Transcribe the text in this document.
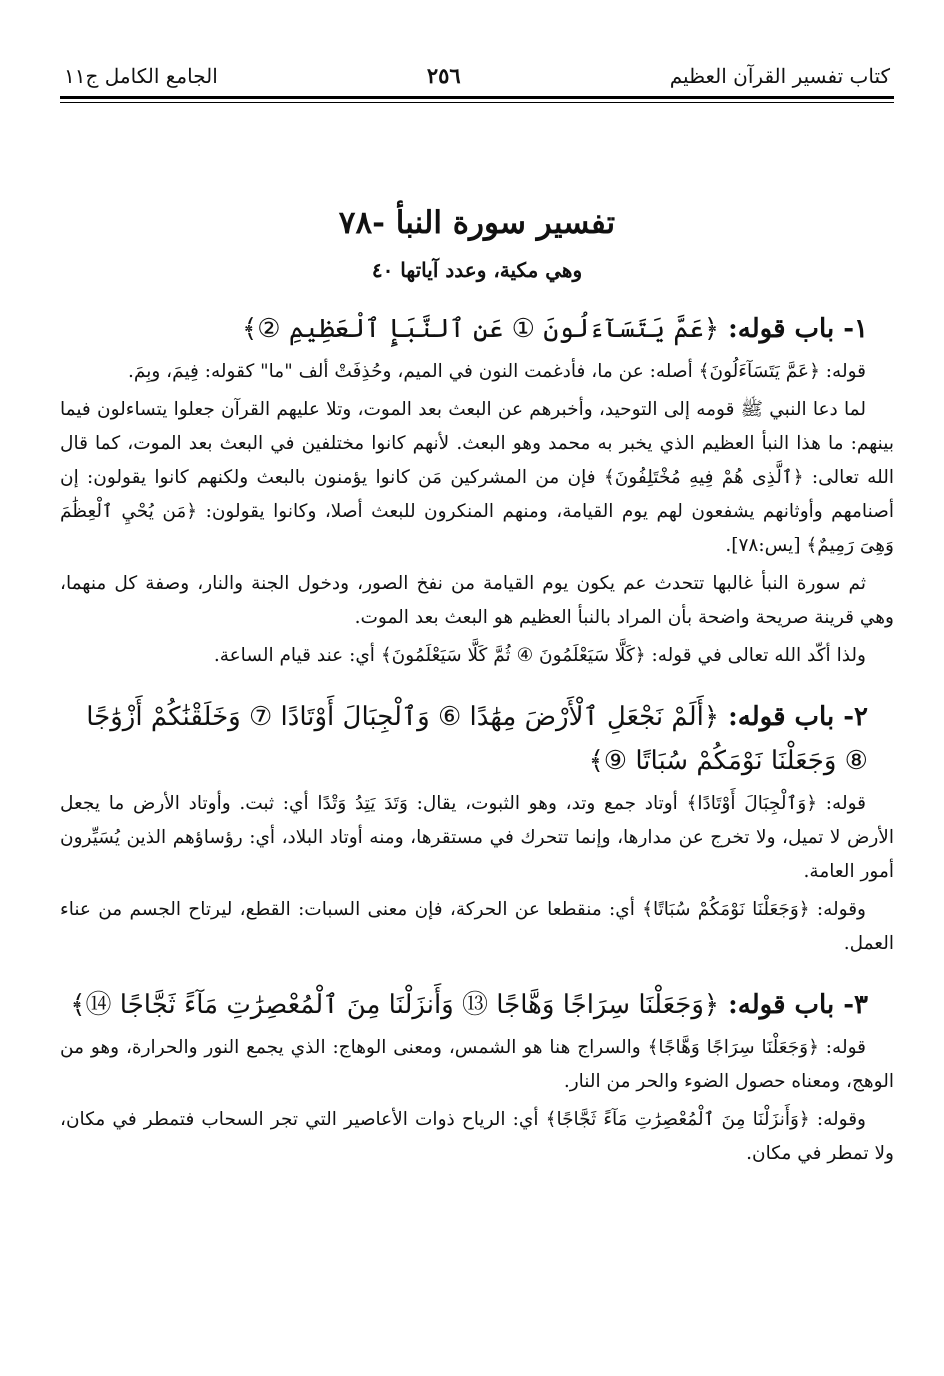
كتاب تفسير القرآن العظيم
٢٥٦
الجامع الكامل ج١١
تفسير سورة النبأ -٧٨
وهي مكية، وعدد آياتها ٤٠
١- باب قوله: ﴿عَمَّ يَتَسَآءَلُونَ ① عَنِ ٱلنَّبَإِ ٱلْعَظِيمِ ②﴾

قوله: ﴿عَمَّ يَتَسَآءَلُونَ﴾ أصله: عن ما، فأدغمت النون في الميم، وحُذِفَتْ ألف "ما" كقوله: فِيمَ، وبِمَ.

لما دعا النبي ﷺ قومه إلى التوحيد، وأخبرهم عن البعث بعد الموت، وتلا عليهم القرآن جعلوا يتساءلون فيما بينهم: ما هذا النبأ العظيم الذي يخبر به محمد وهو البعث. لأنهم كانوا مختلفين في البعث بعد الموت، كما قال الله تعالى: ﴿ٱلَّذِى هُمْ فِيهِ مُخْتَلِفُونَ﴾ فإن من المشركين مَن كانوا يؤمنون بالبعث ولكنهم كانوا يقولون: إن أصنامهم وأوثانهم يشفعون لهم يوم القيامة، ومنهم المنكرون للبعث أصلا، وكانوا يقولون: ﴿مَن يُحْيِ ٱلْعِظَٰمَ وَهِىَ رَمِيمٌ﴾ [يس:٧٨].

ثم سورة النبأ غالبها تتحدث عم يكون يوم القيامة من نفخ الصور، ودخول الجنة والنار، وصفة كل منهما، وهي قرينة صريحة واضحة بأن المراد بالنبأ العظيم هو البعث بعد الموت.

ولذا أكّد الله تعالى في قوله: ﴿كَلَّا سَيَعْلَمُونَ ④ ثُمَّ كَلَّا سَيَعْلَمُونَ﴾ أي: عند قيام الساعة.

٢- باب قوله: ﴿أَلَمْ نَجْعَلِ ٱلْأَرْضَ مِهَٰدًا ⑥ وَٱلْجِبَالَ أَوْتَادًا ⑦ وَخَلَقْنَٰكُمْ أَزْوَٰجًا ⑧ وَجَعَلْنَا نَوْمَكُمْ سُبَاتًا ⑨﴾

قوله: ﴿وَٱلْجِبَالَ أَوْتَادًا﴾ أوتاد جمع وتد، وهو الثبوت، يقال: وَتَدَ يَتِدُ وَتْدًا أي: ثبت. وأوتاد الأرض ما يجعل الأرض لا تميل، ولا تخرج عن مدارها، وإنما تتحرك في مستقرها، ومنه أوتاد البلاد، أي: رؤساؤهم الذين يُسَيِّرون أمور العامة.

وقوله: ﴿وَجَعَلْنَا نَوْمَكُمْ سُبَاتًا﴾ أي: منقطعا عن الحركة، فإن معنى السبات: القطع، ليرتاح الجسم من عناء العمل.

٣- باب قوله: ﴿وَجَعَلْنَا سِرَاجًا وَهَّاجًا ⑬ وَأَنزَلْنَا مِنَ ٱلْمُعْصِرَٰتِ مَآءً ثَجَّاجًا ⑭﴾

قوله: ﴿وَجَعَلْنَا سِرَاجًا وَهَّاجًا﴾ والسراج هنا هو الشمس، ومعنى الوهاج: الذي يجمع النور والحرارة، وهو من الوهج، ومعناه حصول الضوء والحر من النار.

وقوله: ﴿وَأَنزَلْنَا مِنَ ٱلْمُعْصِرَٰتِ مَآءً ثَجَّاجًا﴾ أي: الرياح ذوات الأعاصير التي تجر السحاب فتمطر في مكان، ولا تمطر في مكان.
